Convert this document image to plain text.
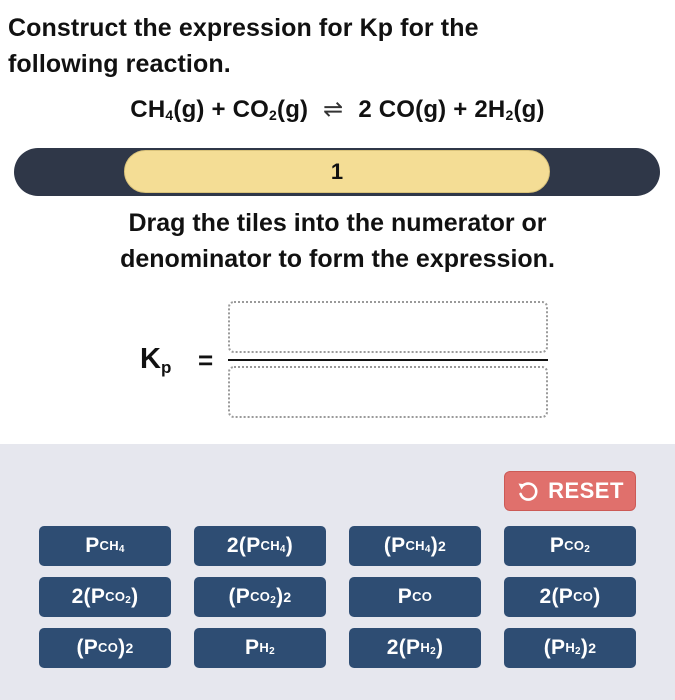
Construct the expression for Kp for the
following reaction.
$CH_4(g) + CO_2(g)$ ⇌ 2 $CO(g) + 2H_2(g)$
1
Drag the tiles into the numerator or
denominator to form the expression.
$K_p$ =
RESET
P $CH_4$	2( P $CH_4$ )	( P $CH_4$ ) 2	P $CO_2$
2( P $CO_2$ )	( P $CO_2$ ) 2	P CO	2( P CO )
( P CO ) 2	P $H_2$	2( P $H_2$ )	( P $H_2$ ) 2
